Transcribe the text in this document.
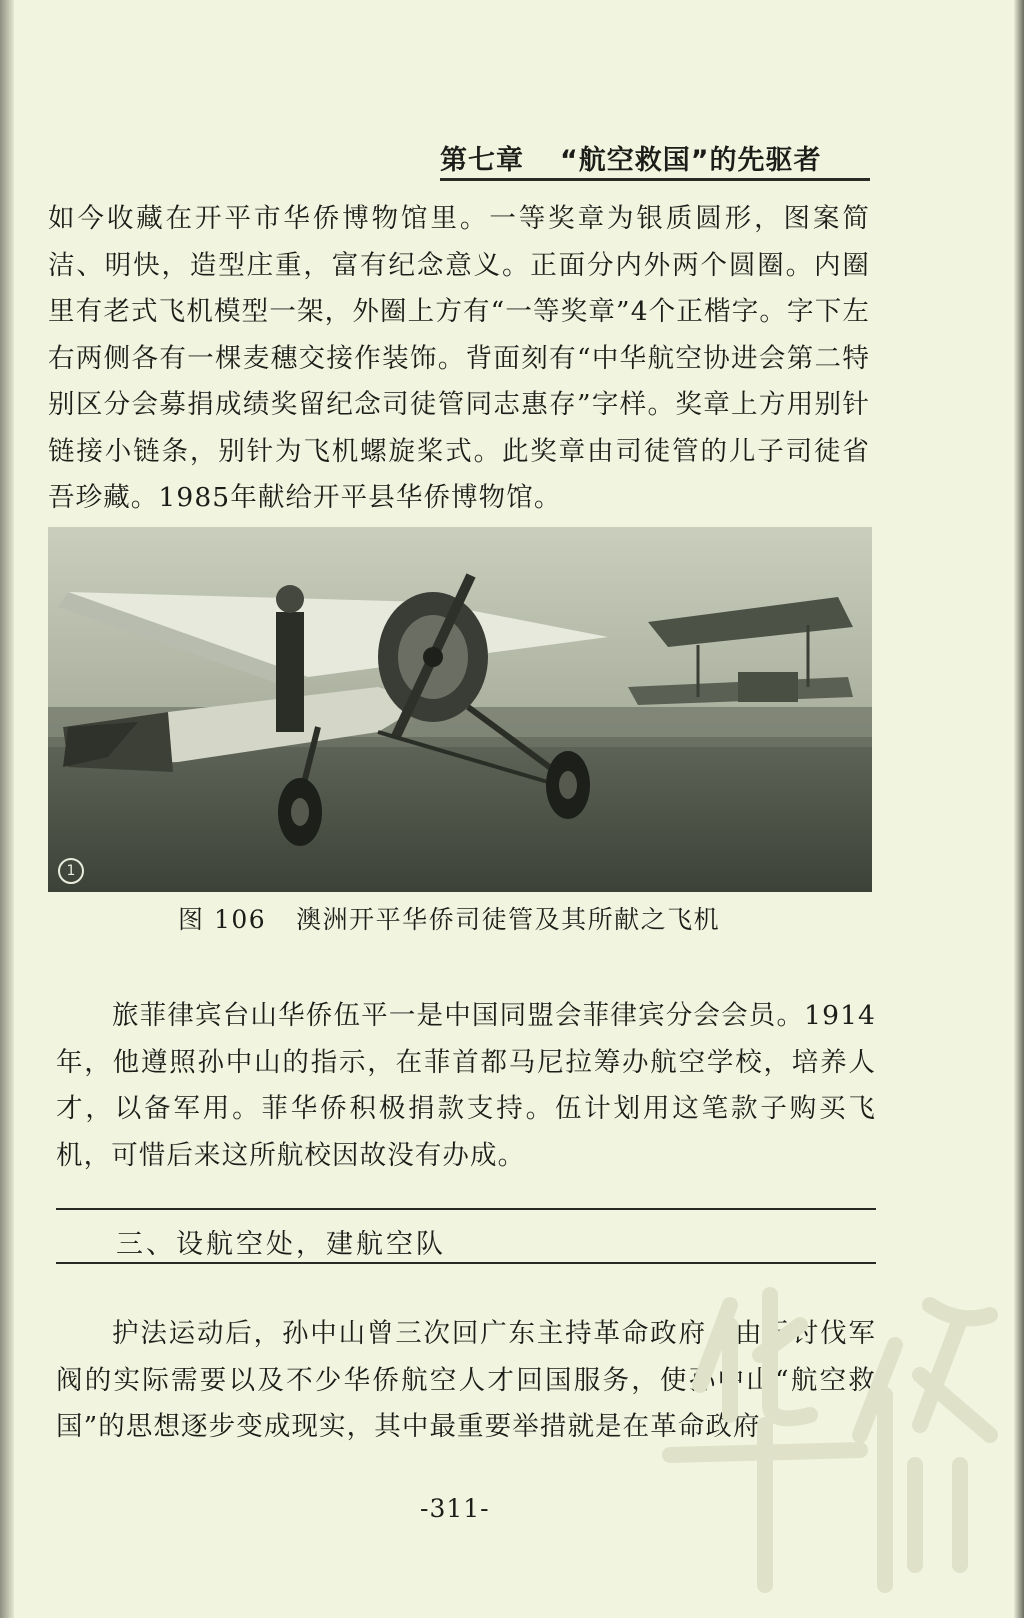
第七章 “航空救国”的先驱者
如今收藏在开平市华侨博物馆里。一等奖章为银质圆形，图案简洁、明快，造型庄重，富有纪念意义。正面分内外两个圆圈。内圈里有老式飞机模型一架，外圈上方有“一等奖章”4个正楷字。字下左右两侧各有一棵麦穗交接作装饰。背面刻有“中华航空协进会第二特别区分会募捐成绩奖留纪念司徒管同志惠存”字样。奖章上方用别针链接小链条，别针为飞机螺旋桨式。此奖章由司徒管的儿子司徒省吾珍藏。1985年献给开平县华侨博物馆。
1
图 106 澳洲开平华侨司徒管及其所献之飞机
旅菲律宾台山华侨伍平一是中国同盟会菲律宾分会会员。1914年，他遵照孙中山的指示，在菲首都马尼拉筹办航空学校，培养人才，以备军用。菲华侨积极捐款支持。伍计划用这笔款子购买飞机，可惜后来这所航校因故没有办成。
三、设航空处，建航空队
护法运动后，孙中山曾三次回广东主持革命政府，由于讨伐军阀的实际需要以及不少华侨航空人才回国服务，使孙中山“航空救国”的思想逐步变成现实，其中最重要举措就是在革命政府
-311-
